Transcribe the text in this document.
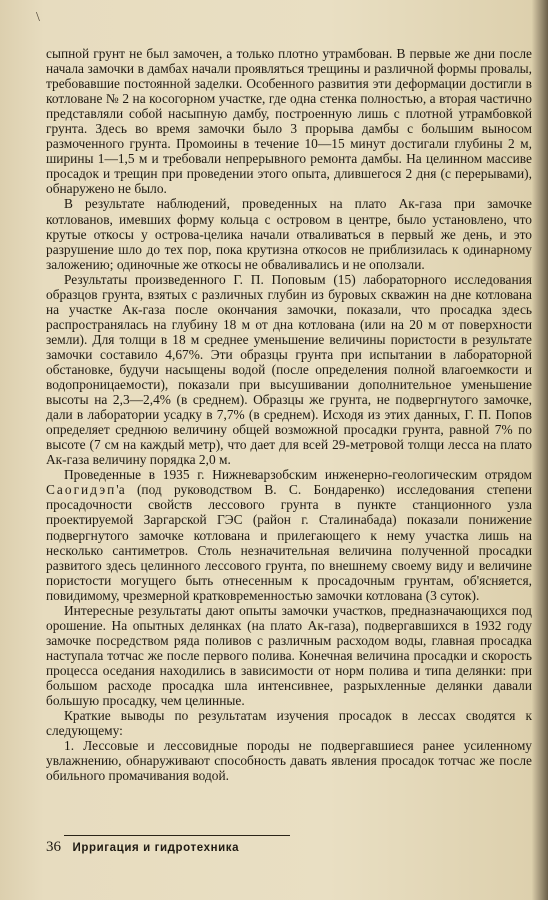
\

сыпной грунт не был замочен, а только плотно утрамбован. В первые же дни после начала замочки в дамбах начали проявляться трещины и различной формы провалы, требовавшие постоянной заделки. Особенного развития эти деформации достигли в котловане № 2 на косогорном участке, где одна стенка полностью, а вторая частично представляли собой насыпную дамбу, построенную лишь с плотной утрамбовкой грунта. Здесь во время замочки было 3 прорыва дамбы с большим выносом размоченного грунта. Промоины в течение 10—15 минут достигали глубины 2 м, ширины 1—1,5 м и требовали непрерывного ремонта дамбы. На целинном массиве просадок и трещин при проведении этого опыта, длившегося 2 дня (с перерывами), обнаружено не было.

В результате наблюдений, проведенных на плато Ак-газа при замочке котлованов, имевших форму кольца с островом в центре, было установлено, что крутые откосы у острова-целика начали отваливаться в первый же день, и это разрушение шло до тех пор, пока крутизна откосов не приблизилась к одинарному заложению; одиночные же откосы не обваливались и не оползали.

Результаты произведенного Г. П. Поповым (15) лабораторного исследования образцов грунта, взятых с различных глубин из буровых скважин на дне котлована на участке Ак-газа после окончания замочки, показали, что просадка здесь распространялась на глубину 18 м от дна котлована (или на 20 м от поверхности земли). Для толщи в 18 м среднее уменьшение величины пористости в результате замочки составило 4,67%. Эти образцы грунта при испытании в лабораторной обстановке, будучи насыщены водой (после определения полной влагоемкости и водопроницаемости), показали при высушивании дополнительное уменьшение высоты на 2,3—2,4% (в среднем). Образцы же грунта, не подвергнутого замочке, дали в лаборатории усадку в 7,7% (в среднем). Исходя из этих данных, Г. П. Попов определяет среднюю величину общей возможной просадки грунта, равной 7% по высоте (7 см на каждый метр), что дает для всей 29-метровой толщи лесса на плато Ак-газа величину порядка 2,0 м.

Проведенные в 1935 г. Нижневарзобским инженерно-геологическим отрядом Саогидэп'а (под руководством В. С. Бондаренко) исследования степени просадочности свойств лессового грунта в пункте станционного узла проектируемой Заргарской ГЭС (район г. Сталинабада) показали понижение подвергнутого замочке котлована и прилегающего к нему участка лишь на несколько сантиметров. Столь незначительная величина полученной просадки развитого здесь целинного лессового грунта, по внешнему своему виду и величине пористости могущего быть отнесенным к просадочным грунтам, об'ясняется, повидимому, чрезмерной кратковременностью замочки котлована (3 суток).

Интересные результаты дают опыты замочки участков, предназначающихся под орошение. На опытных делянках (на плато Ак-газа), подвергавшихся в 1932 году замочке посредством ряда поливов с различным расходом воды, главная просадка наступала тотчас же после первого полива. Конечная величина просадки и скорость процесса оседания находились в зависимости от норм полива и типа делянки: при большом расходе просадка шла интенсивнее, разрыхленные делянки давали большую просадку, чем целинные.

Краткие выводы по результатам изучения просадок в лессах сводятся к следующему:

1. Лессовые и лессовидные породы не подвергавшиеся ранее усиленному увлажнению, обнаруживают способность давать явления просадок тотчас же после обильного промачивания водой.

36 Ирригация и гидротехника
